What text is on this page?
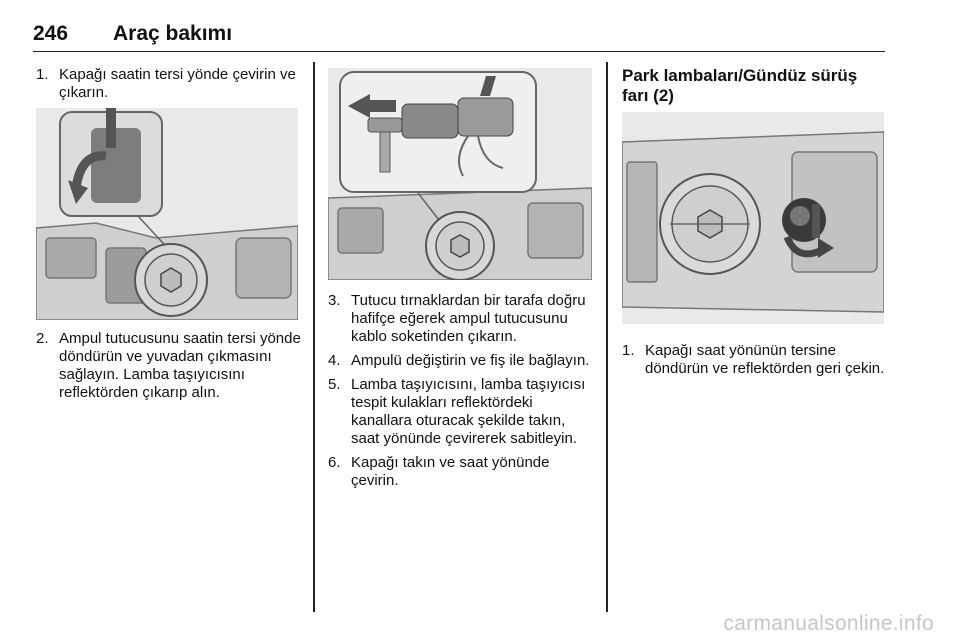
246 Araç bakımı
1. Kapağı saatin tersi yönde çevirin ve çıkarın.
2. Ampul tutucusunu saatin tersi yönde döndürün ve yuvadan çıkmasını sağlayın. Lamba taşıyıcısını reflektörden çıkarıp alın.
3. Tutucu tırnaklardan bir tarafa doğru hafifçe eğerek ampul tutucusunu kablo soketinden çıkarın.
4. Ampulü değiştirin ve fiş ile bağlayın.
5. Lamba taşıyıcısını, lamba taşıyıcısı tespit kulakları reflektördeki kanallara oturacak şekilde takın, saat yönünde çevirerek sabitleyin.
6. Kapağı takın ve saat yönünde çevirin.
Park lambaları/Gündüz sürüş farı (2)
1. Kapağı saat yönünün tersine döndürün ve reflektörden geri çekin.
carmanualsonline.info
